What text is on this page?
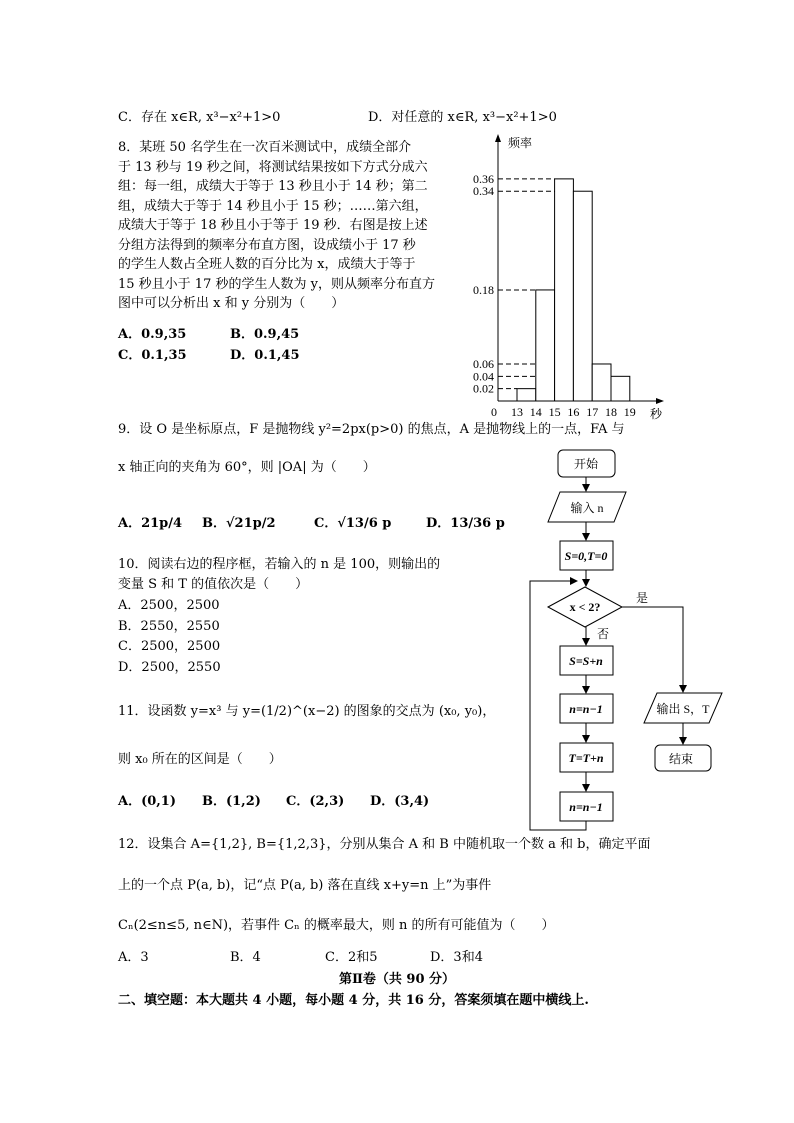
C．存在 x∈R, x³−x²+1>0	D．对任意的 x∈R, x³−x²+1>0
8．某班 50 名学生在一次百米测试中，成绩全部介
于 13 秒与 19 秒之间，将测试结果按如下方式分成六
组：每一组，成绩大于等于 13 秒且小于 14 秒；第二
组，成绩大于等于 14 秒且小于 15 秒；……第六组，
成绩大于等于 18 秒且小于等于 19 秒．右图是按上述
分组方法得到的频率分布直方图，设成绩小于 17 秒
的学生人数占全班人数的百分比为 x，成绩大于等于
15 秒且小于 17 秒的学生人数为 y，则从频率分布直方
图中可以分析出 x 和 y 分别为（　　）
A．0.9,35	B．0.9,45
C．0.1,35	D．0.1,45
0.36
0.34
0.18
0.06
0.04
0.02
0 13 14 15 16 17 18 19
频率
秒
9．设 O 是坐标原点，F 是抛物线 y²=2px(p>0) 的焦点，A 是抛物线上的一点，FA 与
x 轴正向的夹角为 60°，则 |OA| 为（　　）
A．21p/4 B．√21p/2	C．√13/6 p	D．13/36 p
10．阅读右边的程序框，若输入的 n 是 100，则输出的
变量 S 和 T 的值依次是（　　）
A．2500，2500
B．2550，2550
C．2500，2500
D．2500，2550
开始
输入 n
S=0,T=0
x < 2?
是
否
S=S+n
n=n−1
T=T+n
n=n−1
输出 S，T
结束
11．设函数 y=x³ 与 y=(1/2)^(x−2) 的图象的交点为 (x₀, y₀)，
则 x₀ 所在的区间是（　　）
A．(0,1) B．(1,2) C．(2,3) D．(3,4)
12．设集合 A={1,2}, B={1,2,3}，分别从集合 A 和 B 中随机取一个数 a 和 b，确定平面
上的一个点 P(a, b)，记“点 P(a, b) 落在直线 x+y=n 上”为事件
Cₙ(2≤n≤5, n∈N)，若事件 Cₙ 的概率最大，则 n 的所有可能值为（　　）
A．3	B．4	C．2和5	D．3和4
第Ⅱ卷（共 90 分）
二、填空题：本大题共 4 小题，每小题 4 分，共 16 分，答案须填在题中横线上.
